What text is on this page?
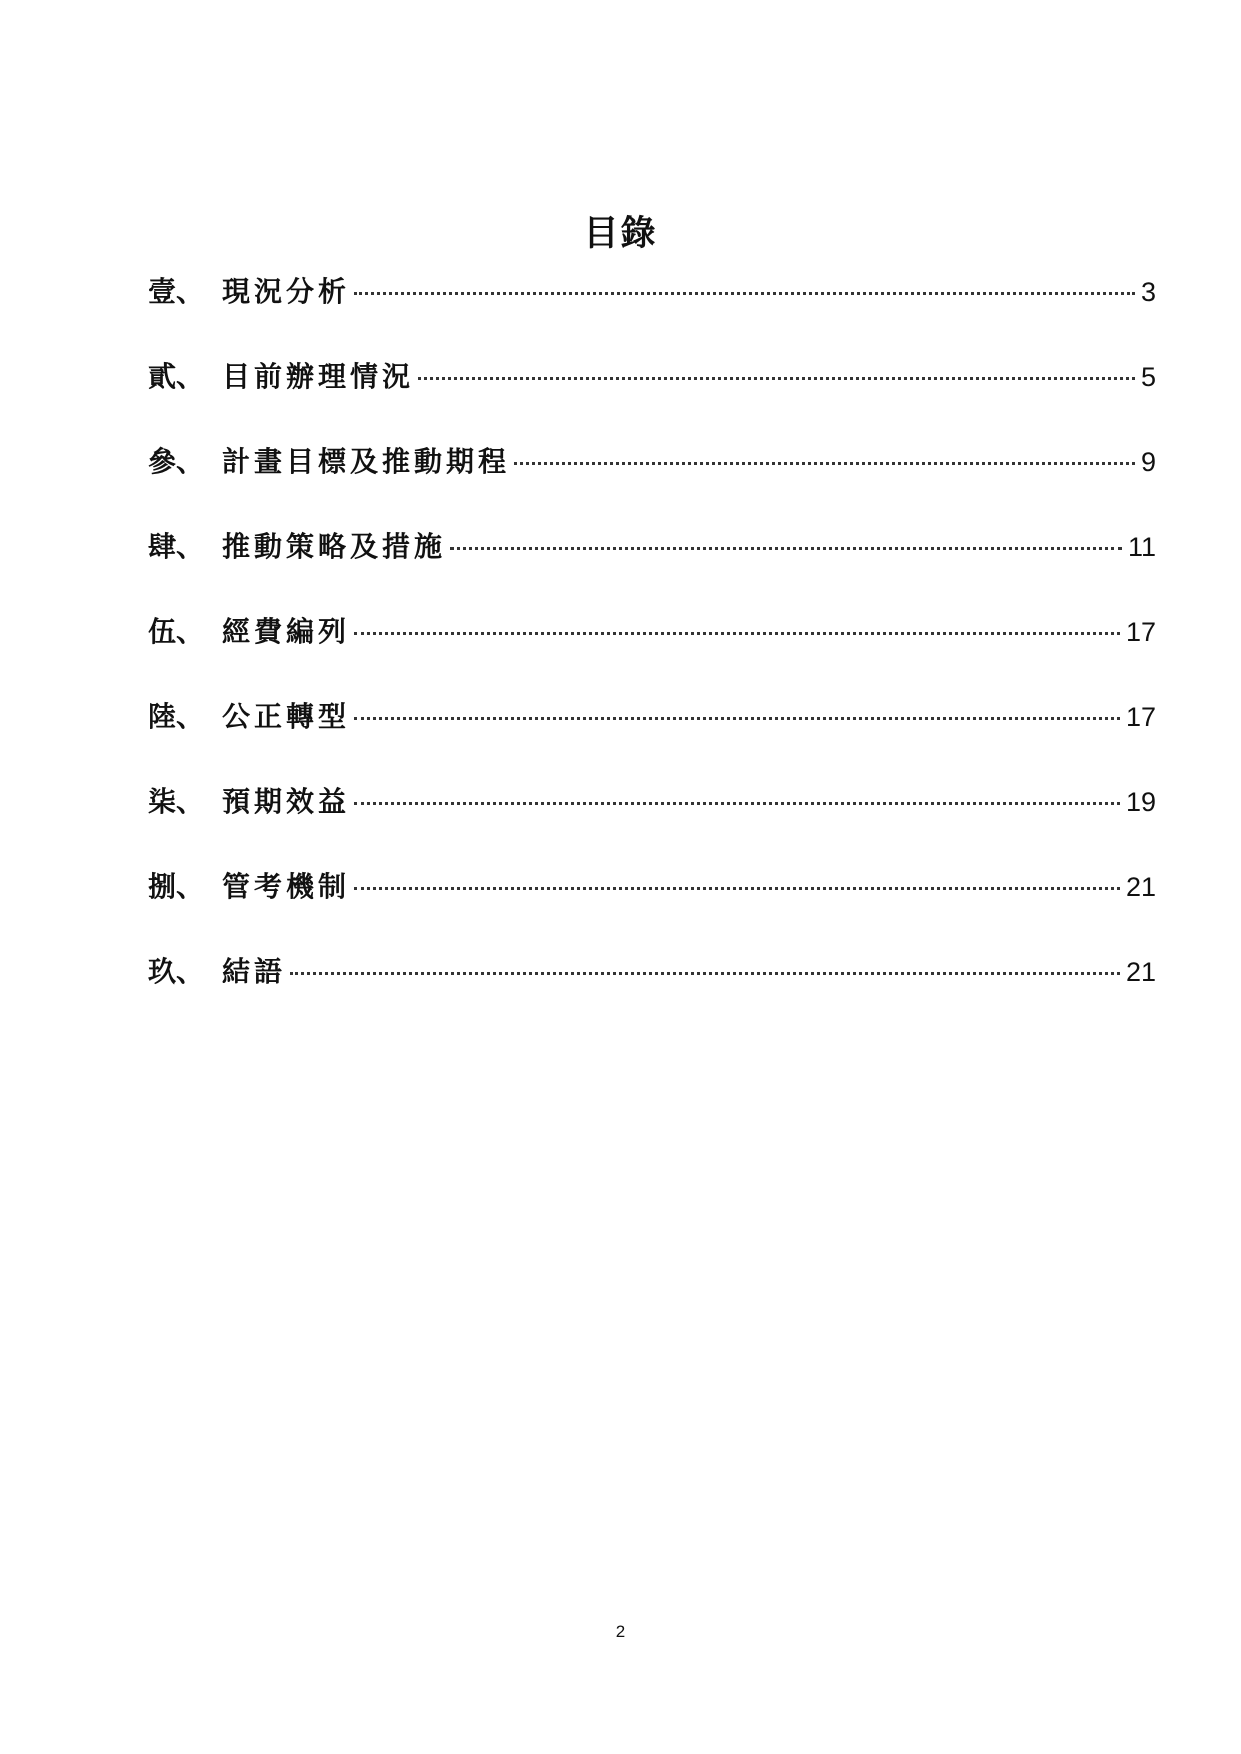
目錄
壹、 現況分析	3
貳、 目前辦理情況	5
參、 計畫目標及推動期程	9
肆、 推動策略及措施	11
伍、 經費編列	17
陸、 公正轉型	17
柒、 預期效益	19
捌、 管考機制	21
玖、 結語	21
2
